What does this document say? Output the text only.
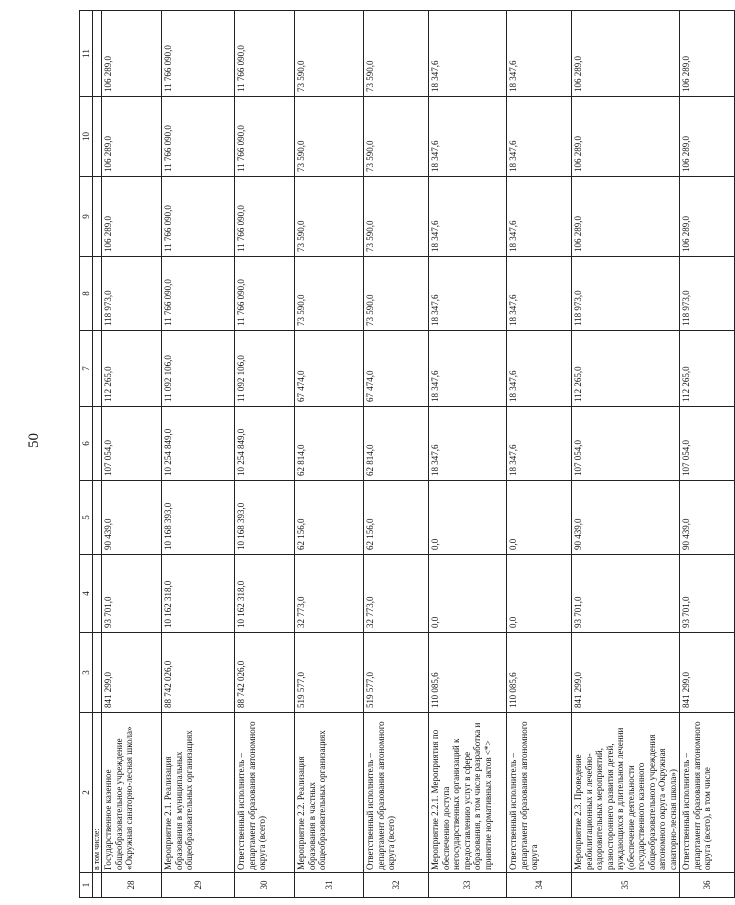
50
1	2	3	4	5	6	7	8	9	10	11
	в том числе:									
28	Государственное казенное общеобразовательное учреждение «Окружная санаторно-лесная школа»	841 299,0	93 701,0	90 439,0	107 054,0	112 265,0	118 973,0	106 289,0	106 289,0	106 289,0
29	Мероприятие 2.1. Реализация образования в муниципальных общеобразовательных организациях	88 742 026,0	10 162 318,0	10 168 393,0	10 254 849,0	11 092 106,0	11 766 090,0	11 766 090,0	11 766 090,0	11 766 090,0
30	Ответственный исполнитель – департамент образования автономного округа (всего)	88 742 026,0	10 162 318,0	10 168 393,0	10 254 849,0	11 092 106,0	11 766 090,0	11 766 090,0	11 766 090,0	11 766 090,0
31	Мероприятие 2.2. Реализация образования в частных общеобразовательных организациях	519 577,0	32 773,0	62 156,0	62 814,0	67 474,0	73 590,0	73 590,0	73 590,0	73 590,0
32	Ответственный исполнитель – департамент образования автономного округа (всего)	519 577,0	32 773,0	62 156,0	62 814,0	67 474,0	73 590,0	73 590,0	73 590,0	73 590,0
33	Мероприятие 2.2.1. Мероприятия по обеспечению доступа негосударственных организаций к предоставлению услуг в сфере образования, в том числе разработка и принятие нормативных актов <*>	110 085,6	0,0	0,0	18 347,6	18 347,6	18 347,6	18 347,6	18 347,6	18 347,6
34	Ответственный исполнитель – департамент образования автономного округа	110 085,6	0,0	0,0	18 347,6	18 347,6	18 347,6	18 347,6	18 347,6	18 347,6
35	Мероприятие 2.3. Проведение реабилитационных и лечебно-оздоровительных мероприятий, разностороннего развития детей, нуждающихся в длительном лечении (обеспечение деятельности государственного казенного общеобразовательного учреждения автономного округа «Окружная санаторно-лесная школа»)	841 299,0	93 701,0	90 439,0	107 054,0	112 265,0	118 973,0	106 289,0	106 289,0	106 289,0
36	Ответственный исполнитель – департамент образования автономного округа (всего), в том числе	841 299,0	93 701,0	90 439,0	107 054,0	112 265,0	118 973,0	106 289,0	106 289,0	106 289,0
